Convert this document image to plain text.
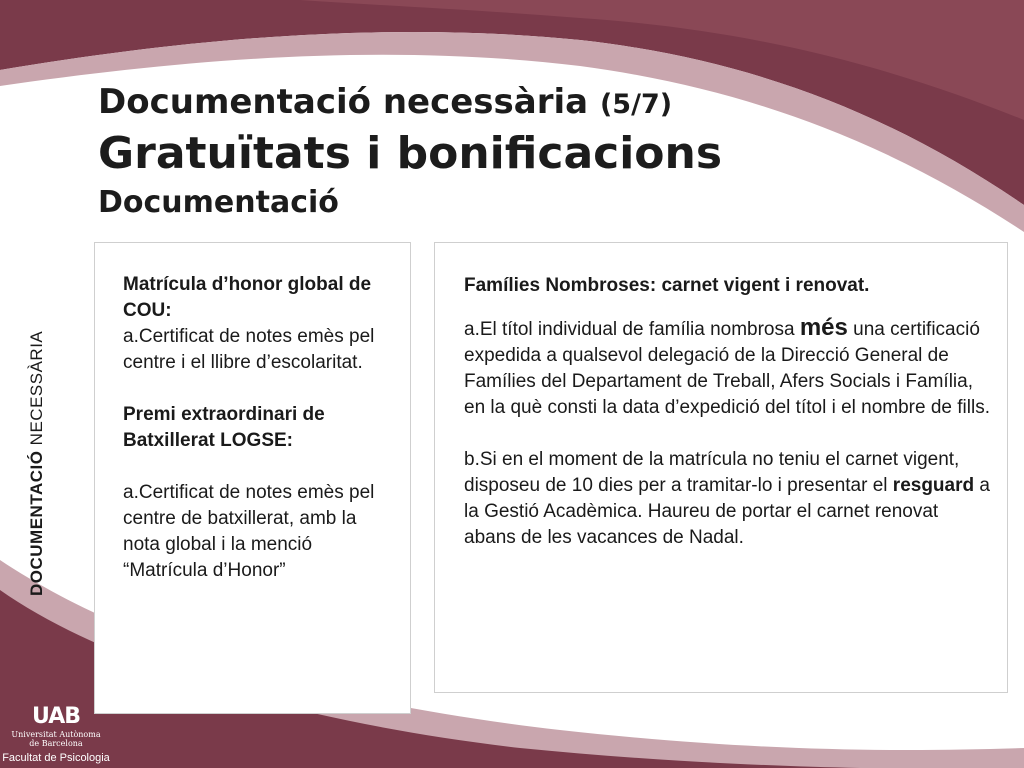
Documentació necessària (5/7)
Gratuïtats i bonificacions
Documentació
DOCUMENTACIÓ NECESSÀRIA

Matrícula d’honor global de COU:

a.Certificat de notes emès pel centre i el llibre d’escolaritat.

Premi extraordinari de Batxillerat LOGSE:

a.Certificat de notes emès pel centre de batxillerat, amb la nota global i la menció “Matrícula d’Honor”

Famílies Nombroses: carnet vigent i renovat.

a.El títol individual de família nombrosa més una certificació expedida a qualsevol delegació de la Direcció General de Famílies del Departament de Treball, Afers Socials i Família, en la què consti la data d’expedició del títol i el nombre de fills.

b.Si en el moment de la matrícula no teniu el carnet vigent, disposeu de 10 dies per a tramitar-lo i presentar el resguard a la Gestió Acadèmica. Haureu de portar el carnet renovat abans de les vacances de Nadal.

UAB
Universitat Autònoma
de Barcelona
Facultat de Psicologia
